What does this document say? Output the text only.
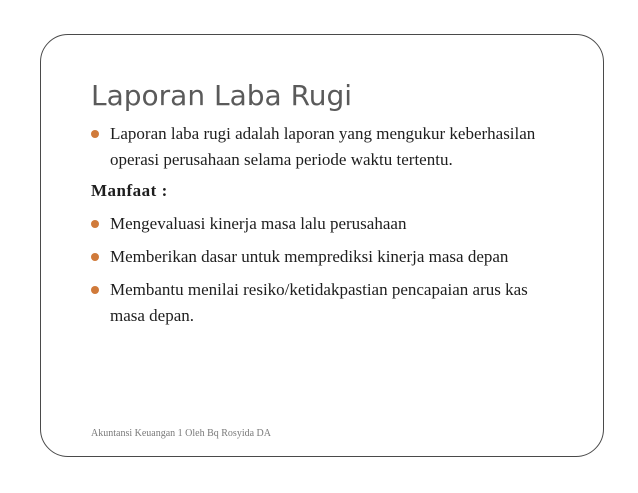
Laporan Laba Rugi
Laporan laba rugi adalah laporan yang mengukur keberhasilan
operasi perusahaan selama periode waktu tertentu.
Manfaat :
Mengevaluasi kinerja masa lalu perusahaan
Memberikan dasar untuk memprediksi kinerja masa depan
Membantu menilai resiko/ketidakpastian pencapaian arus kas
masa depan.
Akuntansi Keuangan 1 Oleh Bq Rosyida DA
